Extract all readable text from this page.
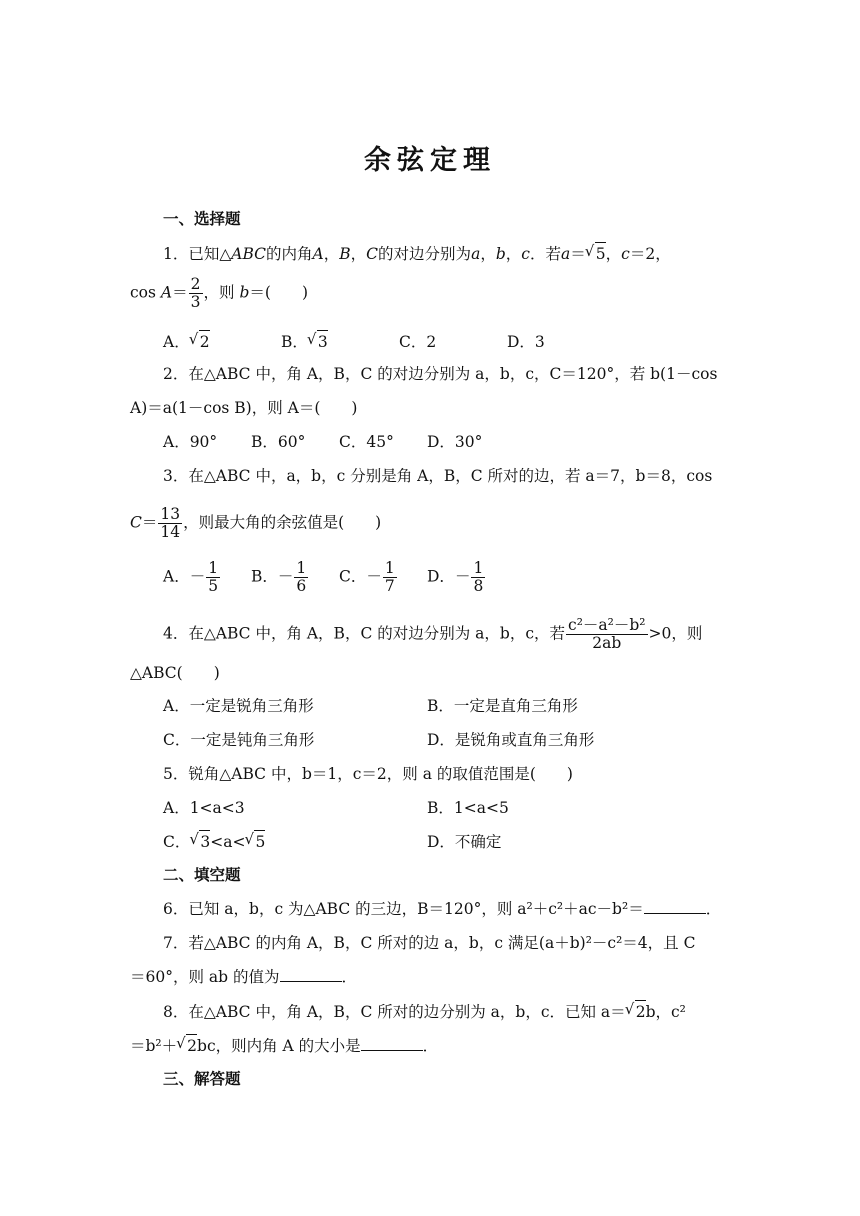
余弦定理
一、选择题
1．已知△ABC的内角A，B，C的对边分别为a，b，c．若a＝ √ 5，c＝2，
$\cos A= \frac{2}{3}$ ，则 b＝(　　)
A． √ 2	B． √ 3	C．2	D．3
2．在△ABC 中，角 A，B，C 的对边分别为 a，b，c，C＝120°，若 b(1－cos
A)＝a(1－cos B)，则 A＝(　　)
A．90° B．60° C．45° D．30°
3．在△ABC 中，a，b，c 分别是角 A，B，C 所对的边，若 a＝7，b＝8，cos
$C= \frac{13}{14}$ ，则最大角的余弦值是(　　)
A．－ $\frac{1}{5}$ B．－ $\frac{1}{6}$ C．－ $\frac{1}{7}$ D．－ $\frac{1}{8}$
4．在△ABC 中，角 A，B，C 的对边分别为 a，b，c，若 $\frac{\text{c²－a²－b²}}{2ab} >0$，则
△ABC(　　)
A．一定是锐角三角形	B．一定是直角三角形
C．一定是钝角三角形	D．是锐角或直角三角形
5．锐角△ABC 中，b＝1，c＝2，则 a 的取值范围是(　　)
A．1<a<3	B．1<a<5
C． √ 3<a< √ 5	D．不确定
二、填空题
6．已知 a，b，c 为△ABC 的三边，B＝120°，则 a²＋c²＋ac－b²＝	．
7．若△ABC 的内角 A，B，C 所对的边 a，b，c 满足(a＋b)²－c²＝4，且 C
＝60°，则 ab 的值为	．
8．在△ABC 中，角 A，B，C 所对的边分别为 a，b，c．已知 a＝ √ 2b，c²
＝b²＋ √ 2bc，则内角 A 的大小是	．
三、解答题
